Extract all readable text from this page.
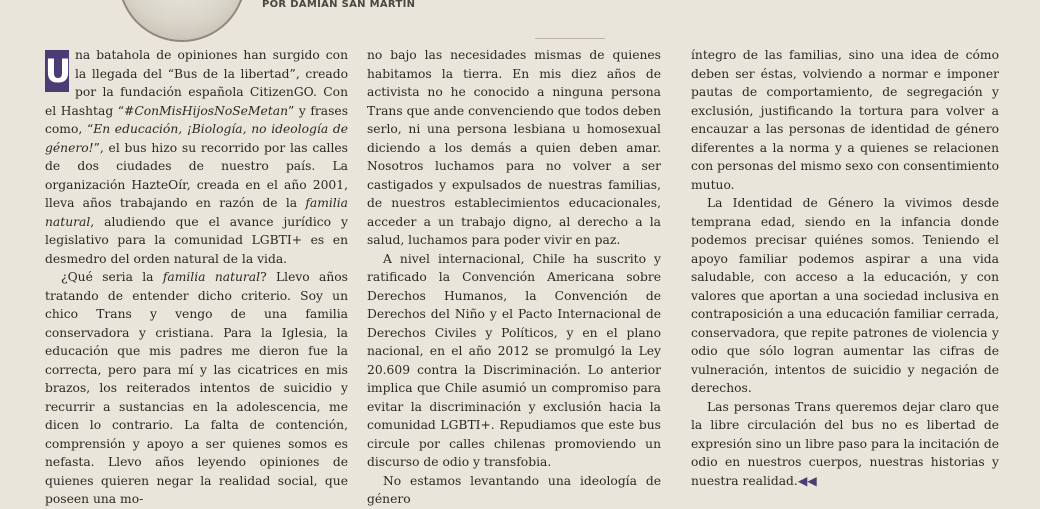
POR DAMIAN SAN MARTIN

U na batahola de opiniones han surgido con la llegada del “Bus de la libertad”, creado por la fundación española CitizenGO. Con el Hashtag “#ConMisHijosNoSeMetan” y frases como, “En educación, ¡Biología, no ideología de género!”, el bus hizo su recorrido por las calles de dos ciudades de nuestro país. La organización HazteOír, creada en el año 2001, lleva años trabajando en razón de la familia natural, aludiendo que el avance jurídico y legislativo para la comunidad LGBTI+ es en desmedro del orden natural de la vida.

¿Qué seria la familia natural? Llevo años tratando de entender dicho criterio. Soy un chico Trans y vengo de una familia conservadora y cristiana. Para la Iglesia, la educación que mis padres me dieron fue la correcta, pero para mí y las cicatrices en mis brazos, los reiterados intentos de suicidio y recurrir a sustancias en la adolescencia, me dicen lo contrario. La falta de contención, comprensión y apoyo a ser quienes somos es nefasta. Llevo años leyendo opiniones de quienes quieren negar la realidad social, que poseen una mo-

no bajo las necesidades mismas de quienes habitamos la tierra. En mis diez años de activista no he conocido a ninguna persona Trans que ande convenciendo que todos deben serlo, ni una persona lesbiana u homosexual diciendo a los demás a quien deben amar. Nosotros luchamos para no volver a ser castigados y expulsados de nuestras familias, de nuestros establecimientos educacionales, acceder a un trabajo digno, al derecho a la salud, luchamos para poder vivir en paz.

A nivel internacional, Chile ha suscrito y ratificado la Convención Americana sobre Derechos Humanos, la Convención de Derechos del Niño y el Pacto Internacional de Derechos Civiles y Políticos, y en el plano nacional, en el año 2012 se promulgó la Ley 20.609 contra la Discriminación. Lo anterior implica que Chile asumió un compromiso para evitar la discriminación y exclusión hacia la comunidad LGBTI+. Repudiamos que este bus circule por calles chilenas promoviendo un discurso de odio y transfobia.

No estamos levantando una ideología de género

íntegro de las familias, sino una idea de cómo deben ser éstas, volviendo a normar e imponer pautas de comportamiento, de segregación y exclusión, justificando la tortura para volver a encauzar a las personas de identidad de género diferentes a la norma y a quienes se relacionen con personas del mismo sexo con consentimiento mutuo.

La Identidad de Género la vivimos desde temprana edad, siendo en la infancia donde podemos precisar quiénes somos. Teniendo el apoyo familiar podemos aspirar a una vida saludable, con acceso a la educación, y con valores que aportan a una sociedad inclusiva en contraposición a una educación familiar cerrada, conservadora, que repite patrones de violencia y odio que sólo logran aumentar las cifras de vulneración, intentos de suicidio y negación de derechos.

Las personas Trans queremos dejar claro que la libre circulación del bus no es libertad de expresión sino un libre paso para la incitación de odio en nuestros cuerpos, nuestras historias y nuestra realidad.◀◀
